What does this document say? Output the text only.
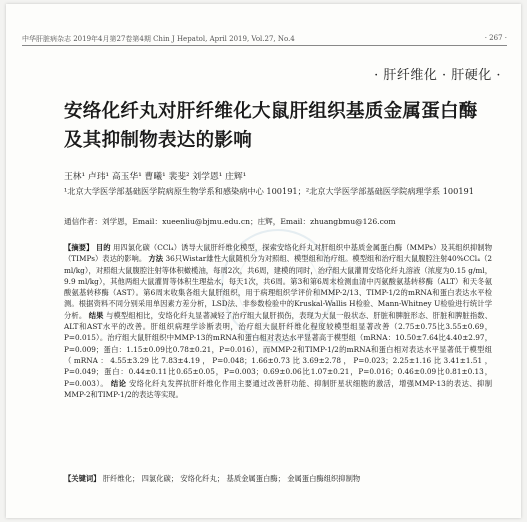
中华肝脏病杂志 2019年4月第27卷第4期 Chin J Hepatol, April 2019, Vol.27, No.4	· 267 ·
· 肝纤维化 · 肝硬化 ·
安络化纤丸对肝纤维化大鼠肝组织基质金属蛋白酶及其抑制物表达的影响
王林¹ 卢玮¹ 高玉华¹ 曹曦¹ 裴斐² 刘学恩¹ 庄辉¹
¹北京大学医学部基础医学院病原生物学系和感染病中心 100191；²北京大学医学部基础医学院病理学系 100191
通信作者：刘学恩，Email：xueenliu@bjmu.edu.cn；庄辉，Email：zhuangbmu@126.com
【摘要】 目的 用四氯化碳（CCl₄）诱导大鼠肝纤维化模型，探索安络化纤丸对肝组织中基质金属蛋白酶（MMPs）及其组织抑制物（TIMPs）表达的影响。 方法 36只Wistar雄性大鼠随机分为对照组、模型组和治疗组。模型组和治疗组大鼠腹腔注射40%CCl₄（2 ml/kg），对照组大鼠腹腔注射等体积橄榄油，每周2次，共6周，建模的同时，治疗组大鼠灌胃安络化纤丸溶液（浓度为0.15 g/ml，9.9 ml/kg），其他两组大鼠灌胃等体积生理盐水，每天1次，共6周。第3和第6周末检测血清中丙氨酸氨基转移酶（ALT）和天冬氨酸氨基转移酶（AST）。第6周末收集各组大鼠肝组织，用于病理组织学评价和MMP-2/13、TIMP-1/2的mRNA和蛋白表达水平检测。根据资料不同分别采用单因素方差分析，LSD法、非参数检验中的Kruskal-Wallis H检验、Mann-Whitney U检验进行统计学分析。 结果 与模型组相比，安络化纤丸显著减轻了治疗组大鼠肝损伤，表现为大鼠一般状态、肝脏和脾脏形态、肝脏和脾脏指数、ALT和AST水平的改善。肝组织病理学诊断表明，治疗组大鼠肝纤维化程度较模型组显著改善（2.75±0.75比3.55±0.69，P=0.015）。治疗组大鼠肝组织中MMP-13的mRNA和蛋白相对表达水平显著高于模型组（mRNA：10.50±7.64比4.40±2.97，P=0.009；蛋白：1.15±0.09比0.78±0.21，P=0.016），而MMP-2和TIMP-1/2的mRNA和蛋白相对表达水平显著低于模型组（mRNA：4.55±3.29比7.83±4.19，P=0.048；1.66±0.73比3.69±2.78，P=0.023；2.25±1.16比3.41±1.51，P=0.049；蛋白：0.44±0.11比0.65±0.05，P=0.003；0.69±0.06比1.07±0.21，P=0.016；0.46±0.09比0.81±0.13，P=0.003）。 结论 安络化纤丸发挥抗肝纤维化作用主要通过改善肝功能、抑制肝星状细胞的激活，增强MMP-13的表达、抑制MMP-2和TIMP-1/2的表达等实现。
【关键词】 肝纤维化； 四氯化碳； 安络化纤丸； 基质金属蛋白酶； 金属蛋白酶组织抑制物
